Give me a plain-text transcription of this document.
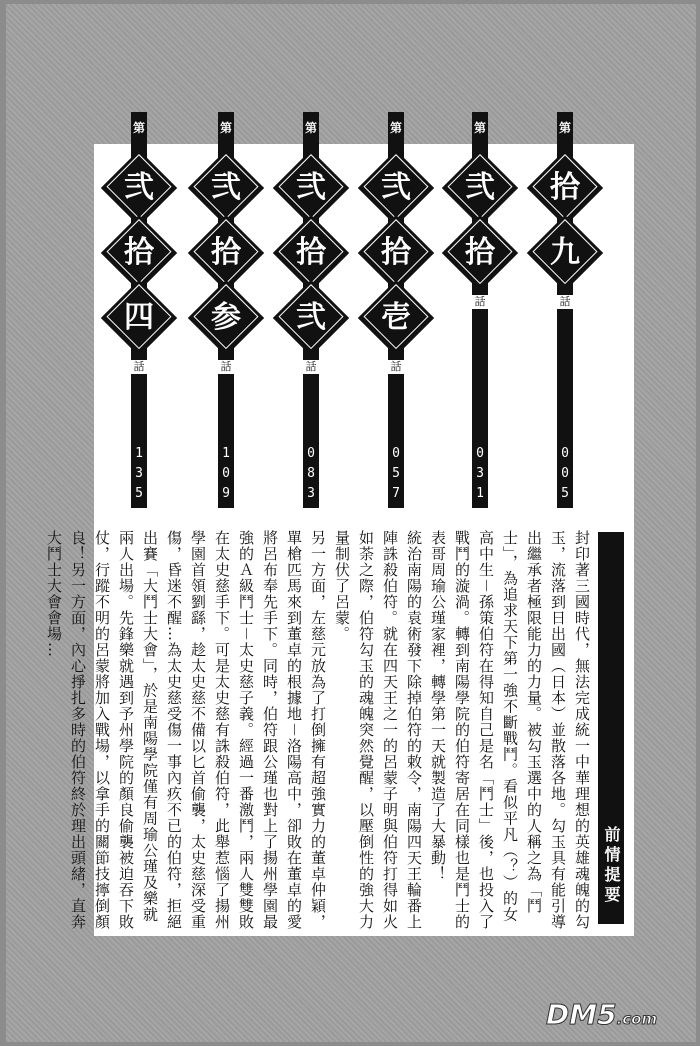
第
拾
九
話
0
0
5
第
弐
拾
話
0
3
1
第
弐
拾
壱
話
0
5
7
第
弐
拾
弐
話
0
8
3
第
弐
拾
参
話
1
0
9
第
弐
拾
四
話
1
3
5

封印著三國時代，無法完成統一中華理想的英雄魂魄的勾玉，流落到日出國（日本）並散落各地。勾玉具有能引導出繼承者極限能力的力量。被勾玉選中的人稱之為「鬥士」，為追求天下第一強不斷戰鬥。看似平凡（？）的女高中生－孫策伯符在得知自己是名「鬥士」後，也投入了戰鬥的漩渦。轉到南陽學院的伯符寄居在同樣也是鬥士的表哥周瑜公瑾家裡，轉學第一天就製造了大暴動！

統治南陽的袁術發下除掉伯符的敕令，南陽四天王輪番上陣誅殺伯符。就在四天王之一的呂蒙子明與伯符打得如火如荼之際，伯符勾玉的魂魄突然覺醒，以壓倒性的強大力量制伏了呂蒙。

另一方面，左慈元放為了打倒擁有超強實力的董卓仲穎，單槍匹馬來到董卓的根據地－洛陽高中，卻敗在董卓的愛將呂布奉先手下。同時，伯符跟公瑾也對上了揚州學園最強的Ａ級鬥士－太史慈子義。經過一番激鬥，兩人雙雙敗在太史慈手下。可是太史慈有誅殺伯符，此舉惹惱了揚州學園首領劉繇，趁太史慈不備以匕首偷襲，太史慈深受重傷，昏迷不醒…為太史慈受傷一事內疚不已的伯符，拒絕出賽「大鬥士大會」，於是南陽學院僅有周瑜公瑾及樂就兩人出場。先鋒樂就遇到予州學院的顏良偷襲被迫吞下敗仗，行蹤不明的呂蒙將加入戰場，以拿手的關節技擰倒顏良！另一方面，內心掙扎多時的伯符終於理出頭緒，直奔大鬥士大會會場…

前情提要
DM5.com
